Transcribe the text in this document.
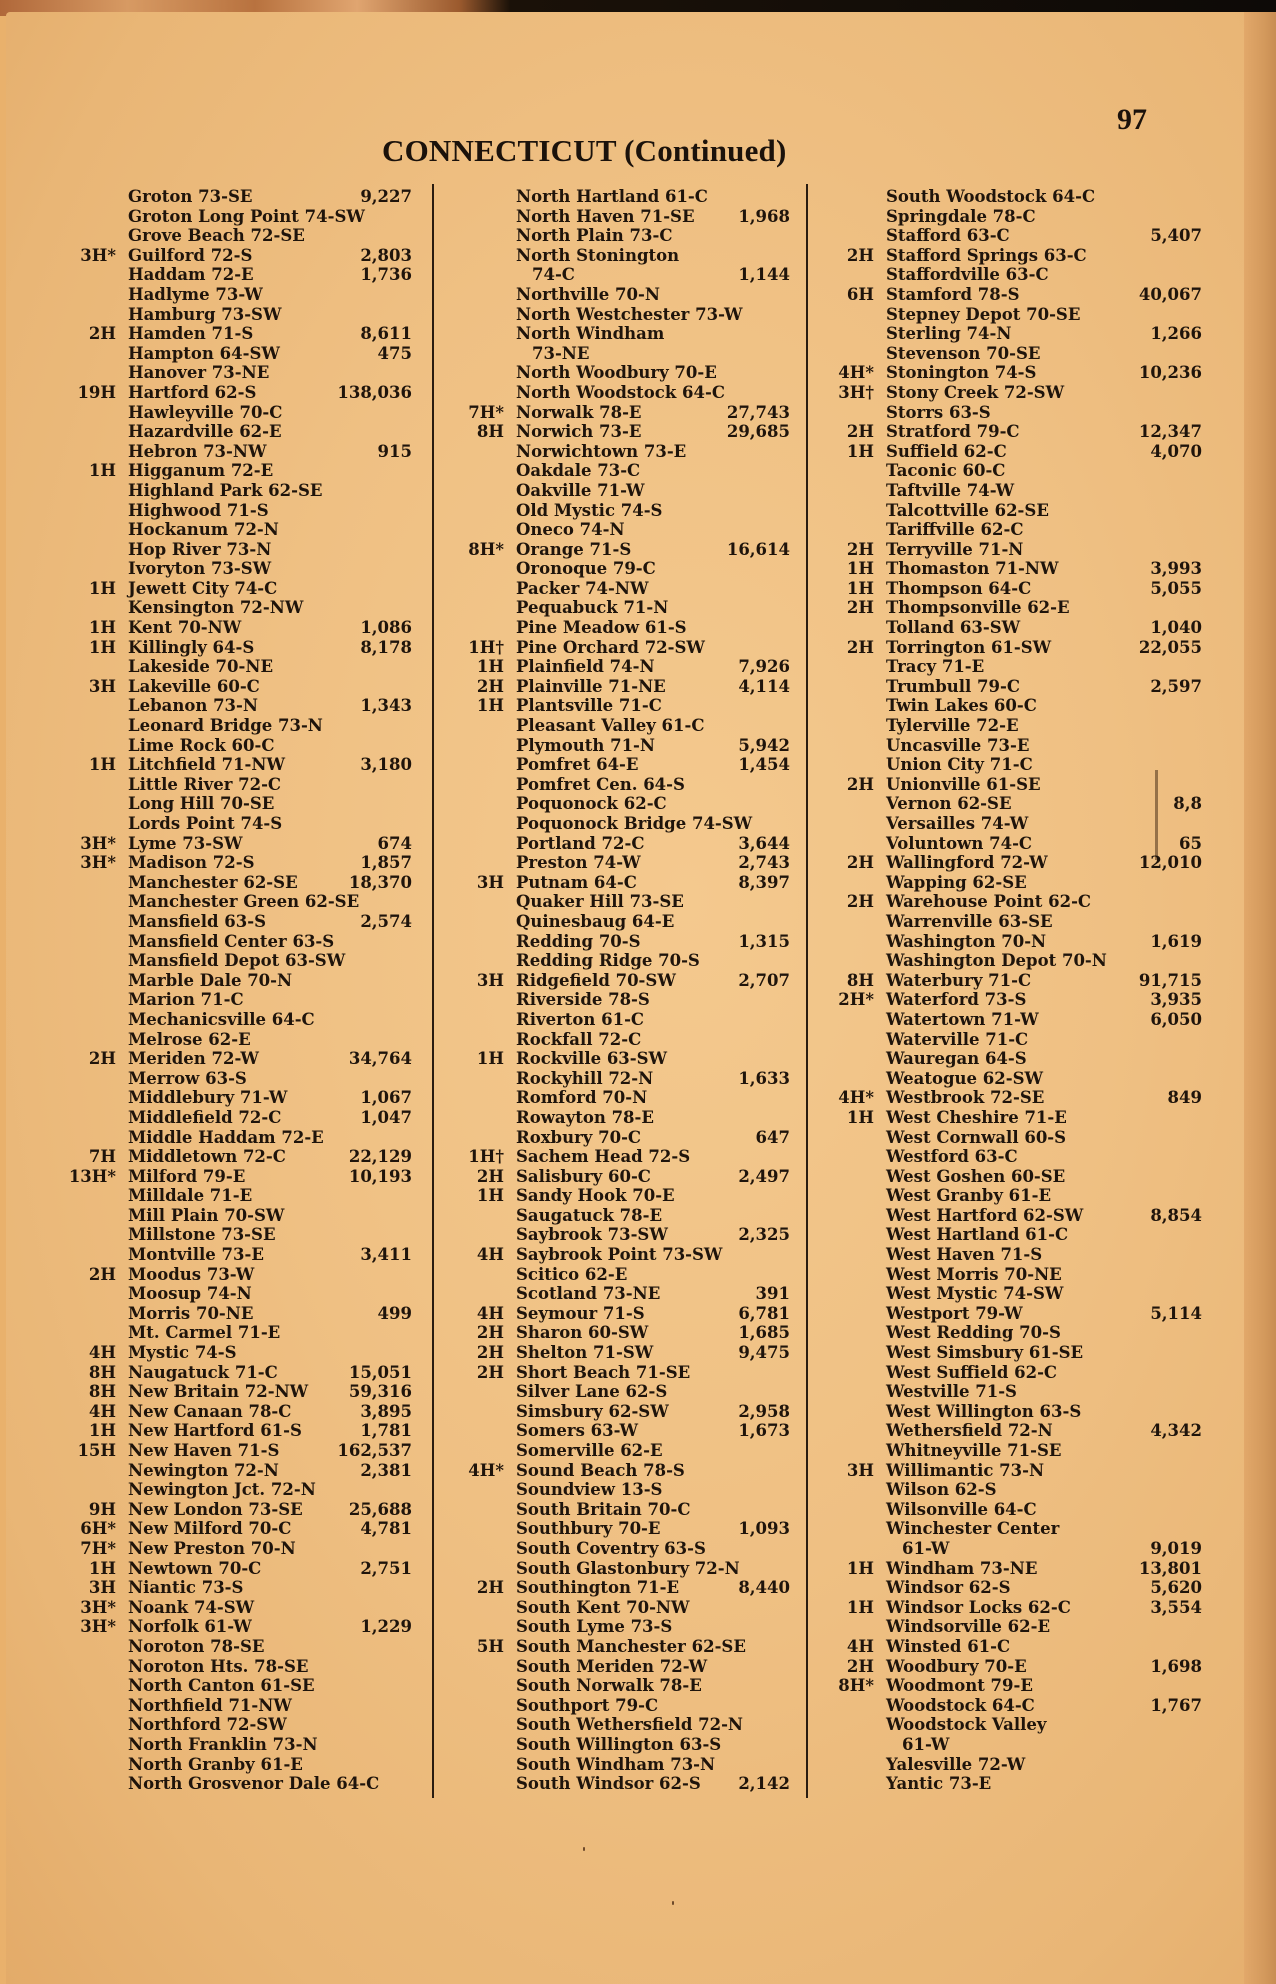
97
CONNECTICUT (Continued)
Groton 73-SE	9,227
Groton Long Point 74-SW
Grove Beach 72-SE
3H* Guilford 72-S	2,803
Haddam 72-E	1,736
Hadlyme 73-W
Hamburg 73-SW
2H Hamden 71-S	8,611
Hampton 64-SW	475
Hanover 73-NE
19H Hartford 62-S	138,036
Hawleyville 70-C
Hazardville 62-E
Hebron 73-NW	915
1H Higganum 72-E
Highland Park 62-SE
Highwood 71-S
Hockanum 72-N
Hop River 73-N
Ivoryton 73-SW
1H Jewett City 74-C
Kensington 72-NW
1H Kent 70-NW	1,086
1H Killingly 64-S	8,178
Lakeside 70-NE
3H Lakeville 60-C
Lebanon 73-N	1,343
Leonard Bridge 73-N
Lime Rock 60-C
1H Litchfield 71-NW	3,180
Little River 72-C
Long Hill 70-SE
Lords Point 74-S
3H* Lyme 73-SW	674
3H* Madison 72-S	1,857
Manchester 62-SE	18,370
Manchester Green 62-SE
Mansfield 63-S	2,574
Mansfield Center 63-S
Mansfield Depot 63-SW
Marble Dale 70-N
Marion 71-C
Mechanicsville 64-C
Melrose 62-E
2H Meriden 72-W	34,764
Merrow 63-S
Middlebury 71-W	1,067
Middlefield 72-C	1,047
Middle Haddam 72-E
7H Middletown 72-C	22,129
13H* Milford 79-E	10,193
Milldale 71-E
Mill Plain 70-SW
Millstone 73-SE
Montville 73-E	3,411
2H Moodus 73-W
Moosup 74-N
Morris 70-NE	499
Mt. Carmel 71-E
4H Mystic 74-S
8H Naugatuck 71-C	15,051
8H New Britain 72-NW 59,316
4H New Canaan 78-C	3,895
1H New Hartford 61-S	1,781
15H New Haven 71-S	162,537
Newington 72-N	2,381
Newington Jct. 72-N
9H New London 73-SE	25,688
6H* New Milford 70-C	4,781
7H* New Preston 70-N
1H Newtown 70-C	2,751
3H Niantic 73-S
3H* Noank 74-SW
3H* Norfolk 61-W	1,229
Noroton 78-SE
Noroton Hts. 78-SE
North Canton 61-SE
Northfield 71-NW
Northford 72-SW
North Franklin 73-N
North Granby 61-E
North Grosvenor Dale 64-C
North Hartland 61-C
North Haven 71-SE	1,968
North Plain 73-C
North Stonington
74-C	1,144
Northville 70-N
North Westchester 73-W
North Windham
73-NE
North Woodbury 70-E
North Woodstock 64-C
7H* Norwalk 78-E	27,743
8H Norwich 73-E	29,685
Norwichtown 73-E
Oakdale 73-C
Oakville 71-W
Old Mystic 74-S
Oneco 74-N
8H* Orange 71-S	16,614
Oronoque 79-C
Packer 74-NW
Pequabuck 71-N
Pine Meadow 61-S
1H† Pine Orchard 72-SW
1H Plainfield 74-N	7,926
2H Plainville 71-NE	4,114
1H Plantsville 71-C
Pleasant Valley 61-C
Plymouth 71-N	5,942
Pomfret 64-E	1,454
Pomfret Cen. 64-S
Poquonock 62-C
Poquonock Bridge 74-SW
Portland 72-C	3,644
Preston 74-W	2,743
3H Putnam 64-C	8,397
Quaker Hill 73-SE
Quinesbaug 64-E
Redding 70-S	1,315
Redding Ridge 70-S
3H Ridgefield 70-SW	2,707
Riverside 78-S
Riverton 61-C
Rockfall 72-C
1H Rockville 63-SW
Rockyhill 72-N	1,633
Romford 70-N
Rowayton 78-E
Roxbury 70-C	647
1H† Sachem Head 72-S
2H Salisbury 60-C	2,497
1H Sandy Hook 70-E
Saugatuck 78-E
Saybrook 73-SW	2,325
4H Saybrook Point 73-SW
Scitico 62-E
Scotland 73-NE	391
4H Seymour 71-S	6,781
2H Sharon 60-SW	1,685
2H Shelton 71-SW	9,475
2H Short Beach 71-SE
Silver Lane 62-S
Simsbury 62-SW	2,958
Somers 63-W	1,673
Somerville 62-E
4H* Sound Beach 78-S
Soundview 13-S
South Britain 70-C
Southbury 70-E	1,093
South Coventry 63-S
South Glastonbury 72-N
2H Southington 71-E	8,440
South Kent 70-NW
South Lyme 73-S
5H South Manchester 62-SE
South Meriden 72-W
South Norwalk 78-E
Southport 79-C
South Wethersfield 72-N
South Willington 63-S
South Windham 73-N
South Windsor 62-S 2,142
South Woodstock 64-C
Springdale 78-C
Stafford 63-C	5,407
2H Stafford Springs 63-C
Staffordville 63-C
6H Stamford 78-S	40,067
Stepney Depot 70-SE
Sterling 74-N	1,266
Stevenson 70-SE
4H* Stonington 74-S	10,236
3H† Stony Creek 72-SW
Storrs 63-S
2H Stratford 79-C	12,347
1H Suffield 62-C	4,070
Taconic 60-C
Taftville 74-W
Talcottville 62-SE
Tariffville 62-C
2H Terryville 71-N
1H Thomaston 71-NW	3,993
1H Thompson 64-C	5,055
2H Thompsonville 62-E
Tolland 63-SW	1,040
2H Torrington 61-SW	22,055
Tracy 71-E
Trumbull 79-C	2,597
Twin Lakes 60-C
Tylerville 72-E
Uncasville 73-E
Union City 71-C
2H Unionville 61-SE
Vernon 62-SE	8,8
Versailles 74-W
Voluntown 74-C	65
2H Wallingford 72-W	12,010
Wapping 62-SE
2H Warehouse Point 62-C
Warrenville 63-SE
Washington 70-N	1,619
Washington Depot 70-N
8H Waterbury 71-C	91,715
2H* Waterford 73-S	3,935
Watertown 71-W	6,050
Waterville 71-C
Wauregan 64-S
Weatogue 62-SW
4H* Westbrook 72-SE	849
1H West Cheshire 71-E
West Cornwall 60-S
Westford 63-C
West Goshen 60-SE
West Granby 61-E
West Hartford 62-SW	8,854
West Hartland 61-C
West Haven 71-S
West Morris 70-NE
West Mystic 74-SW
Westport 79-W	5,114
West Redding 70-S
West Simsbury 61-SE
West Suffield 62-C
Westville 71-S
West Willington 63-S
Wethersfield 72-N	4,342
Whitneyville 71-SE
3H Willimantic 73-N
Wilson 62-S
Wilsonville 64-C
Winchester Center
61-W	9,019
1H Windham 73-NE	13,801
Windsor 62-S	5,620
1H Windsor Locks 62-C	3,554
Windsorville 62-E
4H Winsted 61-C
2H Woodbury 70-E	1,698
8H* Woodmont 79-E
Woodstock 64-C	1,767
Woodstock Valley
61-W
Yalesville 72-W
Yantic 73-E
